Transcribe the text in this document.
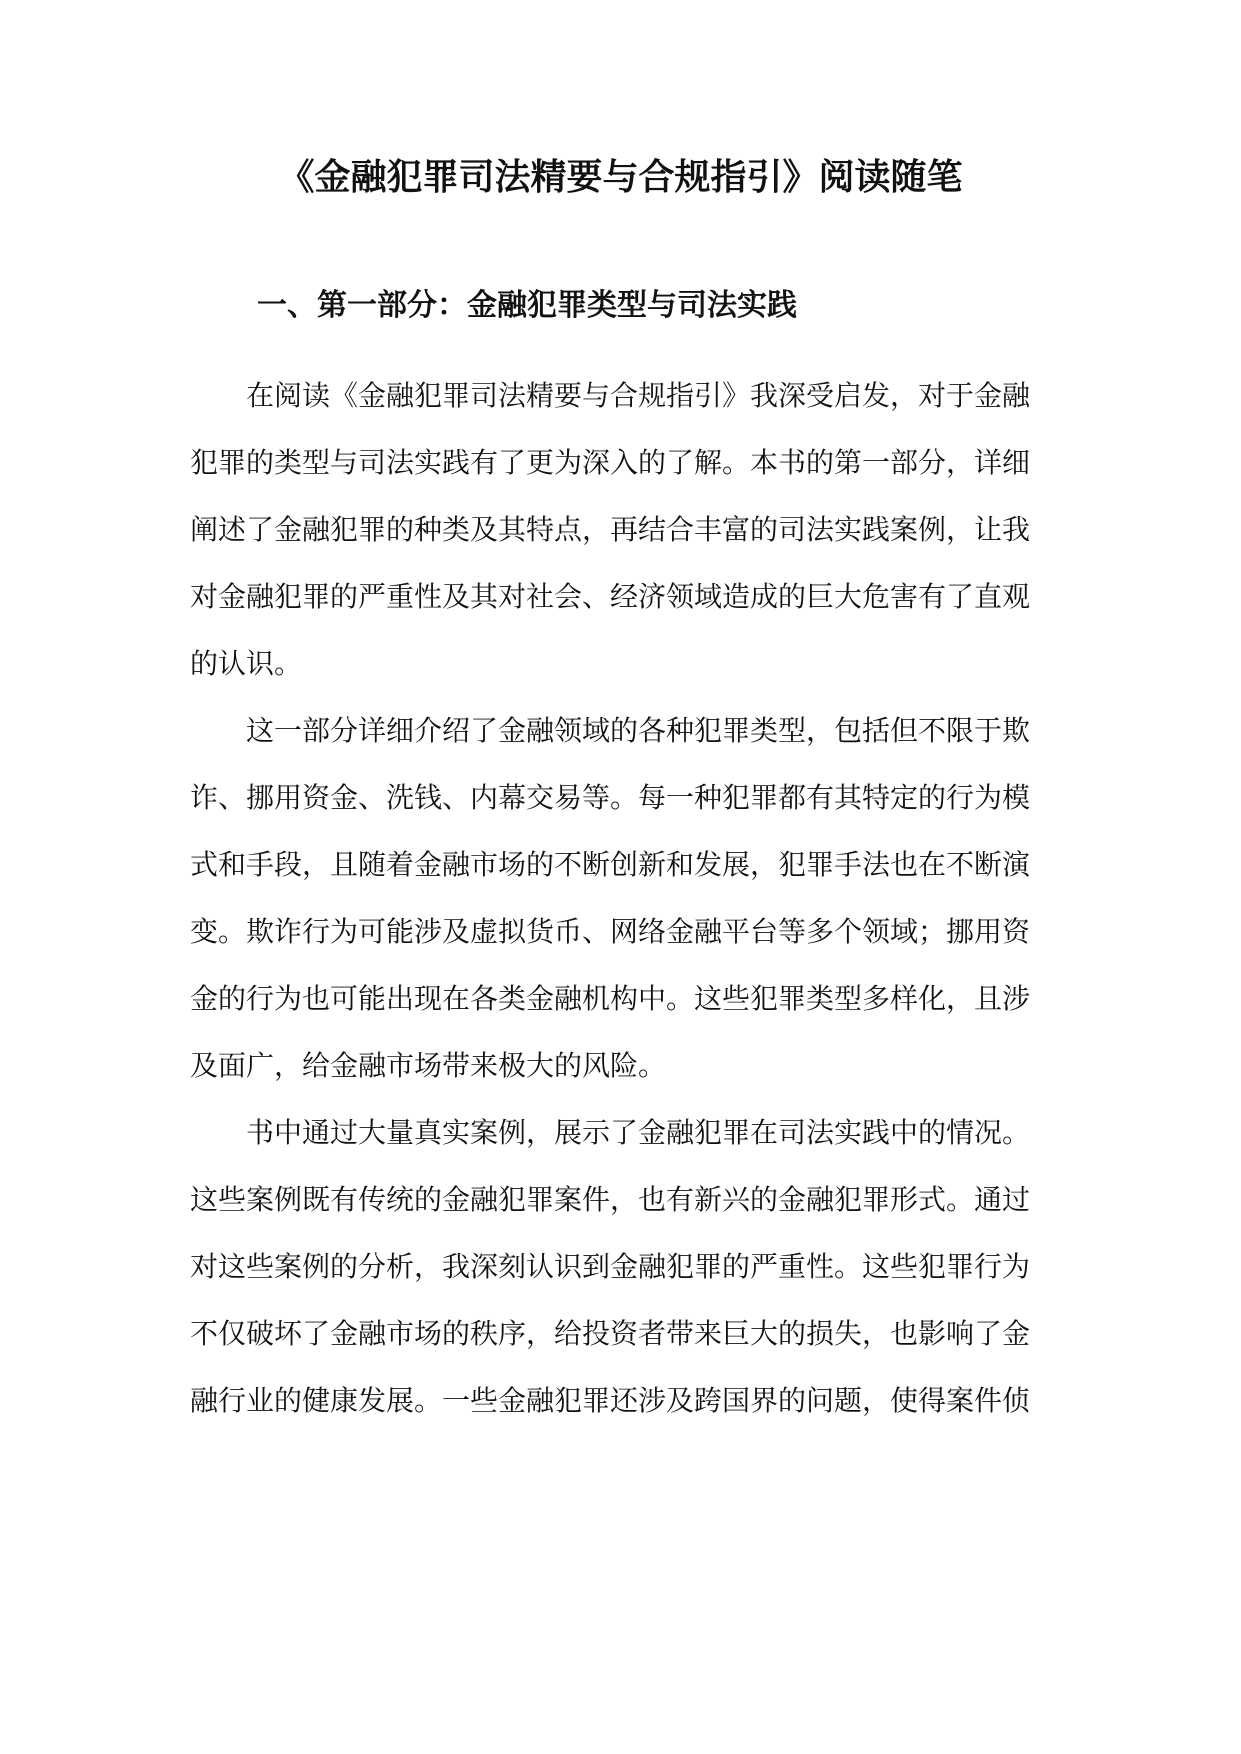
《金融犯罪司法精要与合规指引》阅读随笔
一、第一部分：金融犯罪类型与司法实践
在阅读《金融犯罪司法精要与合规指引》我深受启发，对于金融
犯罪的类型与司法实践有了更为深入的了解。本书的第一部分，详细
阐述了金融犯罪的种类及其特点，再结合丰富的司法实践案例，让我
对金融犯罪的严重性及其对社会、经济领域造成的巨大危害有了直观
的认识。
这一部分详细介绍了金融领域的各种犯罪类型，包括但不限于欺
诈、挪用资金、洗钱、内幕交易等。每一种犯罪都有其特定的行为模
式和手段，且随着金融市场的不断创新和发展，犯罪手法也在不断演
变。欺诈行为可能涉及虚拟货币、网络金融平台等多个领域；挪用资
金的行为也可能出现在各类金融机构中。这些犯罪类型多样化，且涉
及面广，给金融市场带来极大的风险。
书中通过大量真实案例，展示了金融犯罪在司法实践中的情况。
这些案例既有传统的金融犯罪案件，也有新兴的金融犯罪形式。通过
对这些案例的分析，我深刻认识到金融犯罪的严重性。这些犯罪行为
不仅破坏了金融市场的秩序，给投资者带来巨大的损失，也影响了金
融行业的健康发展。一些金融犯罪还涉及跨国界的问题，使得案件侦
